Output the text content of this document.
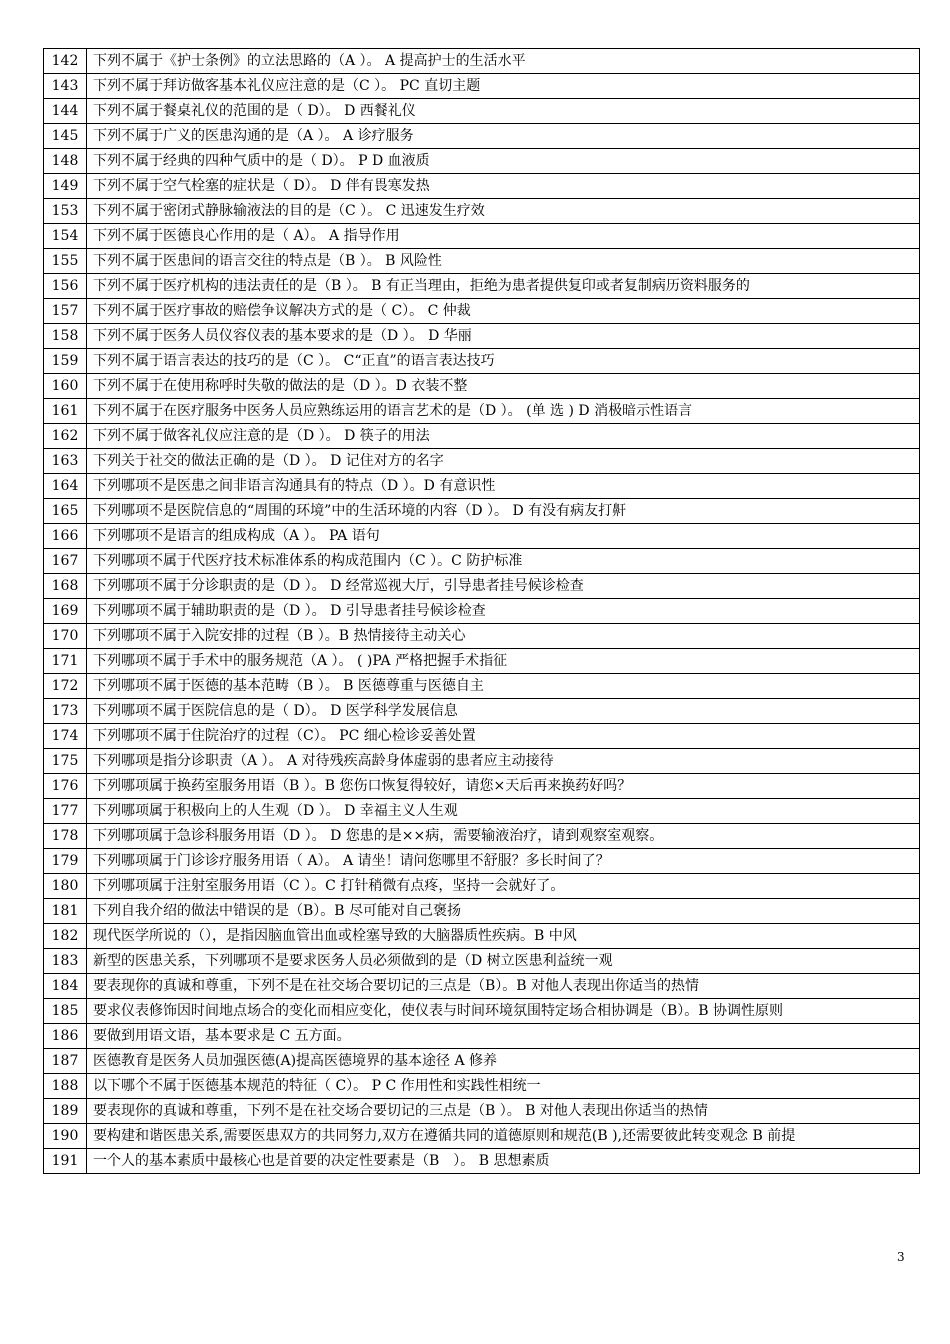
142	下列不属于《护士条例》的立法思路的（A ）。 A 提高护士的生活水平
143	下列不属于拜访做客基本礼仪应注意的是（C ）。 PC 直切主题
144	下列不属于餐桌礼仪的范围的是（ D）。 D 西餐礼仪
145	下列不属于广义的医患沟通的是（A ）。 A 诊疗服务
148	下列不属于经典的四种气质中的是（ D）。 P D 血液质
149	下列不属于空气栓塞的症状是（ D）。 D 伴有畏寒发热
153	下列不属于密闭式静脉输液法的目的是（C ）。 C 迅速发生疗效
154	下列不属于医德良心作用的是（ A）。 A 指导作用
155	下列不属于医患间的语言交往的特点是（B ）。 B 风险性
156	下列不属于医疗机构的违法责任的是（B ）。 B 有正当理由，拒绝为患者提供复印或者复制病历资料服务的
157	下列不属于医疗事故的赔偿争议解决方式的是（ C）。 C 仲裁
158	下列不属于医务人员仪容仪表的基本要求的是（D ）。 D 华丽
159	下列不属于语言表达的技巧的是（C ）。 C“正直”的语言表达技巧
160	下列不属于在使用称呼时失敬的做法的是（D ）。D 衣装不整
161	下列不属于在医疗服务中医务人员应熟练运用的语言艺术的是（D ）。 (单 选 ) D 消极暗示性语言
162	下列不属于做客礼仪应注意的是（D ）。 D 筷子的用法
163	下列关于社交的做法正确的是（D ）。 D 记住对方的名字
164	下列哪项不是医患之间非语言沟通具有的特点（D ）。D 有意识性
165	下列哪项不是医院信息的“周围的环境”中的生活环境的内容（D ）。 D 有没有病友打鼾
166	下列哪项不是语言的组成构成（A ）。 PA 语句
167	下列哪项不属于代医疗技术标准体系的构成范围内（C ）。C 防护标准
168	下列哪项不属于分诊职责的是（D ）。 D 经常巡视大厅，引导患者挂号候诊检查
169	下列哪项不属于辅助职责的是（D ）。 D 引导患者挂号候诊检查
170	下列哪项不属于入院安排的过程（B ）。B 热情接待主动关心
171	下列哪项不属于手术中的服务规范（A ）。 ( )PA 严格把握手术指征
172	下列哪项不属于医德的基本范畴（B ）。 B 医德尊重与医德自主
173	下列哪项不属于医院信息的是（ D）。 D 医学科学发展信息
174	下列哪项不属于住院治疗的过程（C）。 PC 细心检诊妥善处置
175	下列哪项是指分诊职责（A ）。 A 对待残疾高龄身体虚弱的患者应主动接待
176	下列哪项属于换药室服务用语（B ）。B 您伤口恢复得较好，请您×天后再来换药好吗？
177	下列哪项属于积极向上的人生观（D ）。 D 幸福主义人生观
178	下列哪项属于急诊科服务用语（D ）。 D 您患的是××病，需要输液治疗，请到观察室观察。
179	下列哪项属于门诊诊疗服务用语（ A）。 A 请坐！请问您哪里不舒服？多长时间了？
180	下列哪项属于注射室服务用语（C ）。C 打针稍微有点疼，坚持一会就好了。
181	下列自我介绍的做法中错误的是（B）。B 尽可能对自己褒扬
182	现代医学所说的（），是指因脑血管出血或栓塞导致的大脑器质性疾病。B 中风
183	新型的医患关系，下列哪项不是要求医务人员必须做到的是（D 树立医患利益统一观
184	要表现你的真诚和尊重，下列不是在社交场合要切记的三点是（B）。B 对他人表现出你适当的热情
185	要求仪表修饰因时间地点场合的变化而相应变化，使仪表与时间环境氛围特定场合相协调是（B）。B 协调性原则
186	要做到用语文语，基本要求是 C 五方面。
187	医德教育是医务人员加强医德(A)提高医德境界的基本途径 A 修养
188	以下哪个不属于医德基本规范的特征（ C）。 P C 作用性和实践性相统一
189	要表现你的真诚和尊重，下列不是在社交场合要切记的三点是（B ）。 B 对他人表现出你适当的热情
190	要构建和谐医患关系,需要医患双方的共同努力,双方在遵循共同的道德原则和规范(B ),还需要彼此转变观念 B 前提
191	一个人的基本素质中最核心也是首要的决定性要素是（B　）。 B 思想素质
3
